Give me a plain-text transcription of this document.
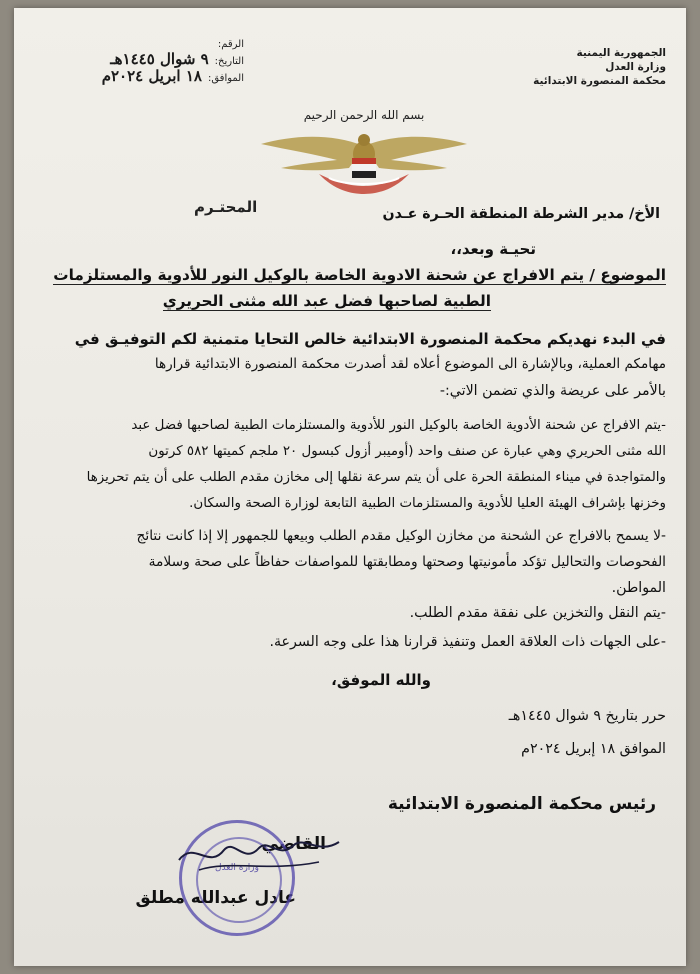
الجمهورية اليمنية
وزارة العدل
محكمة المنصورة الابتدائية
الرقم:
التاريخ:٩ شوال ١٤٤٥هـ
الموافق:١٨ ابريل ٢٠٢٤م
بسم الله الرحمن الرحيم
الأخ/ مدير الشرطة المنطقة الحـرة عـدن
المحتـرم
تحيـة وبعد،،
الموضوع / يتم الافراج عن شحنة الادوية الخاصة بالوكيل النور للأدوية والمستلزمات
الطبية لصاحبها فضل عبد الله مثنى الحريري
في البدء نهديكم محكمة المنصورة الابتدائية خالص التحايا متمنية لكم التوفيـق في
مهامكم العملية، وبالإشارة الى الموضوع أعلاه لقد أصدرت محكمة المنصورة الابتدائية قرارها
بالأمر على عريضة والذي تضمن الاتي:-
-يتم الافراج عن شحنة الأدوية الخاصة بالوكيل النور للأدوية والمستلزمات الطبية لصاحبها فضل عبد
الله مثنى الحريري وهي عبارة عن صنف واحد (أوميبر أزول كبسول ٢٠ ملجم كميتها ٥٨٢ كرتون
والمتواجدة في ميناء المنطقة الحرة على أن يتم سرعة نقلها إلى مخازن مقدم الطلب على أن يتم تحريزها
وخزنها بإشراف الهيئة العليا للأدوية والمستلزمات الطبية التابعة لوزارة الصحة والسكان.
-لا يسمح بالافراج عن الشحنة من مخازن الوكيل مقدم الطلب وبيعها للجمهور إلا إذا كانت نتائج
الفحوصات والتحاليل تؤكد مأمونيتها وصحتها ومطابقتها للمواصفات حفاظاً على صحة وسلامة
المواطن.
-يتم النقل والتخزين على نفقة مقدم الطلب.
-على الجهات ذات العلاقة العمل وتنفيذ قرارنا هذا على وجه السرعة.
والله الموفق،
حرر بتاريخ ٩ شوال ١٤٤٥هـ
الموافق ١٨ إبريل ٢٠٢٤م
رئيس محكمة المنصورة الابتدائية
القاضي
عادل عبدالله مطلق
وزارة العدل
